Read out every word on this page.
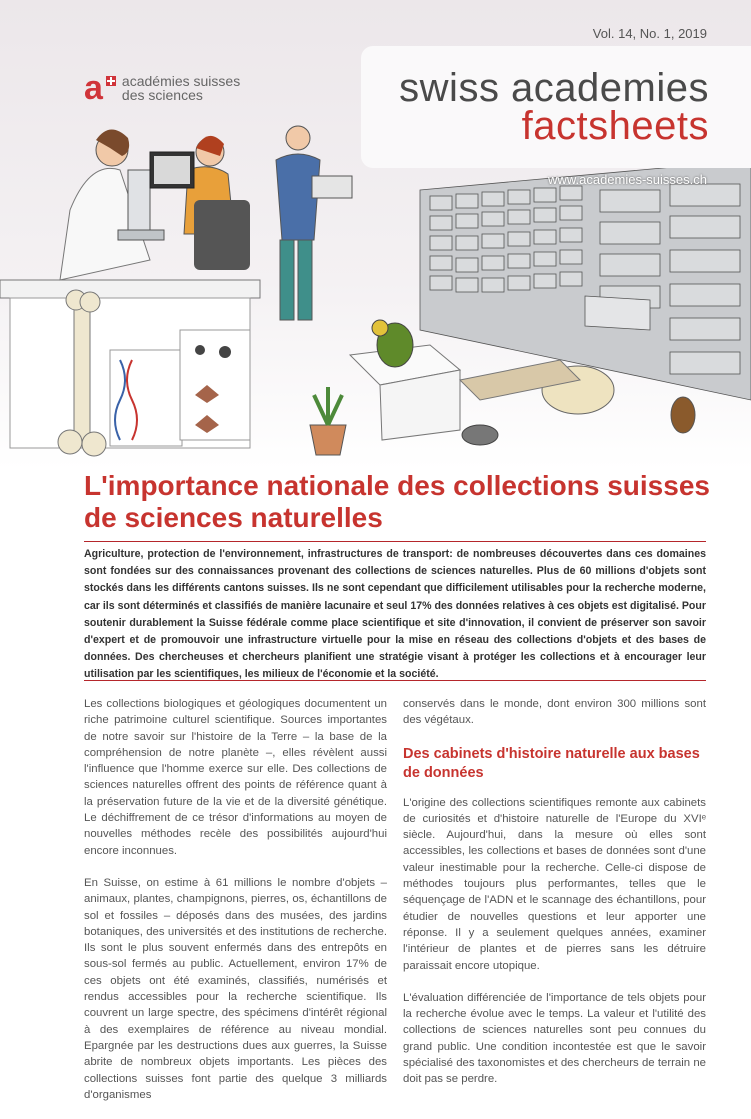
Vol. 14, No. 1, 2019
a académies suisses
des sciences	swiss academies
factsheets
www.academies-suisses.ch
L'importance nationale des collections suisses
de sciences naturelles

Agriculture, protection de l'environnement, infrastructures de transport: de nombreuses découvertes dans ces domaines sont fondées sur des connaissances provenant des collections de sciences naturelles. Plus de 60 millions d'objets sont stockés dans les différents cantons suisses. Ils ne sont cependant que difficilement utilisables pour la recherche moderne, car ils sont déterminés et classifiés de manière lacunaire et seul 17% des données relatives à ces objets est digitalisé. Pour soutenir durablement la Suisse fédérale comme place scientifique et site d'innovation, il convient de préserver son savoir d'expert et de promouvoir une infrastructure virtuelle pour la mise en réseau des collections d'objets et des bases de données. Des chercheuses et chercheurs planifient une stratégie visant à protéger les collections et à encourager leur utilisation par les scientifiques, les milieux de l'économie et la société.

Les collections biologiques et géologiques documentent un riche patrimoine culturel scientifique. Sources importantes de notre savoir sur l'histoire de la Terre – la base de la compréhension de notre planète –, elles révèlent aussi l'influence que l'homme exerce sur elle. Des collections de sciences naturelles offrent des points de référence quant à la préservation future de la vie et de la diversité génétique. Le déchiffrement de ce trésor d'informations au moyen de nouvelles méthodes recèle des possibilités aujourd'hui encore inconnues.

En Suisse, on estime à 61 millions le nombre d'objets – animaux, plantes, champignons, pierres, os, échantillons de sol et fossiles – déposés dans des musées, des jardins botaniques, des universités et des institutions de recherche. Ils sont le plus souvent enfermés dans des entrepôts en sous-sol fermés au public. Actuellement, environ 17% de ces objets ont été examinés, classifiés, numérisés et rendus accessibles pour la recherche scientifique. Ils couvrent un large spectre, des spécimens d'intérêt régional à des exemplaires de référence au niveau mondial. Epargnée par les destructions dues aux guerres, la Suisse abrite de nombreux objets importants. Les pièces des collections suisses font partie des quelque 3 milliards d'organismes

conservés dans le monde, dont environ 300 millions sont des végétaux.

Des cabinets d'histoire naturelle aux bases de données

L'origine des collections scientifiques remonte aux cabinets de curiosités et d'histoire naturelle de l'Europe du XVIᵉ siècle. Aujourd'hui, dans la mesure où elles sont accessibles, les collections et bases de données sont d'une valeur inestimable pour la recherche. Celle-ci dispose de méthodes toujours plus performantes, telles que le séquençage de l'ADN et le scannage des échantillons, pour étudier de nouvelles questions et leur apporter une réponse. Il y a seulement quelques années, examiner l'intérieur de plantes et de pierres sans les détruire paraissait encore utopique.

L'évaluation différenciée de l'importance de tels objets pour la recherche évolue avec le temps. La valeur et l'utilité des collections de sciences naturelles sont peu connues du grand public. Une condition incontestée est que le savoir spécialisé des taxonomistes et des chercheurs de terrain ne doit pas se perdre.
